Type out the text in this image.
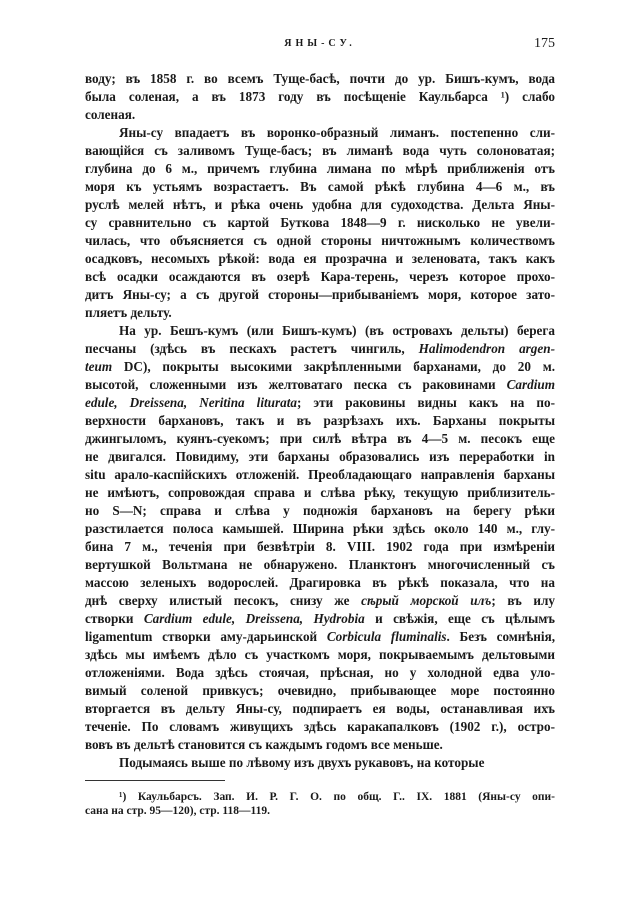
ЯНЫ-СУ.	175
воду; въ 1858 г. во всемъ Туще-басѣ, почти до ур. Бишъ-кумъ, вода
была соленая, а въ 1873 году въ посѣщеніе Каульбарса ¹) слабо
соленая.
Яны-су впадаетъ въ воронко-образный лиманъ. постепенно сли-
вающійся съ заливомъ Туще-басъ; въ лиманѣ вода чуть солоноватая;
глубина до 6 м., причемъ глубина лимана по мѣрѣ приближенія отъ
моря къ устьямъ возрастаетъ. Въ самой рѣкѣ глубина 4—6 м., въ
руслѣ мелей нѣтъ, и рѣка очень удобна для судоходства. Дельта Яны-
су сравнительно съ картой Буткова 1848—9 г. нисколько не увели-
чилась, что объясняется съ одной стороны ничтожнымъ количествомъ
осадковъ, несомыхъ рѣкой: вода ея прозрачна и зеленовата, такъ какъ
всѣ осадки осаждаются въ озерѣ Кара-терень, черезъ которое прохо-
дитъ Яны-су; а съ другой стороны—прибываніемъ моря, которое зато-
пляетъ дельту.
На ур. Бешъ-кумъ (или Бишъ-кумъ) (въ островахъ дельты) берега
песчаны (здѣсь въ пескахъ растетъ чингиль, Halimodendron argen-
teum DC), покрыты высокими закрѣпленными барханами, до 20 м.
высотой, сложенными изъ желтоватаго песка съ раковинами Cardium
edule, Dreissena, Neritina liturata; эти раковины видны какъ на по-
верхности бархановъ, такъ и въ разрѣзахъ ихъ. Барханы покрыты
джингыломъ, куянъ-суекомъ; при силѣ вѣтра въ 4—5 м. песокъ еще
не двигался. Повидиму, эти барханы образовались изъ переработки in
situ арало-каспійскихъ отложеній. Преобладающаго направленія барханы
не имѣютъ, сопровождая справа и слѣва рѣку, текущую приблизитель-
но S—N; справа и слѣва у подножія бархановъ на берегу рѣки
разстилается полоса камышей. Ширина рѣки здѣсь около 140 м., глу-
бина 7 м., теченія при безвѣтріи 8. VIII. 1902 года при измѣреніи
вертушкой Вольтмана не обнаружено. Планктонъ многочисленный съ
массою зеленыхъ водорослей. Драгировка въ рѣкѣ показала, что на
днѣ сверху илистый песокъ, снизу же сѣрый морской илъ; въ илу
створки Cardium edule, Dreissena, Hydrobia и свѣжія, еще съ цѣлымъ
ligamentum створки аму-дарьинской Corbicula fluminalis. Безъ сомнѣнія,
здѣсь мы имѣемъ дѣло съ участкомъ моря, покрываемымъ дельтовыми
отложеніями. Вода здѣсь стоячая, прѣсная, но у холодной едва уло-
вимый соленой привкусъ; очевидно, прибывающее море постоянно
вторгается въ дельту Яны-су, подпираетъ ея воды, останавливая ихъ
теченіе. По словамъ живущихъ здѣсь каракапалковъ (1902 г.), остро-
вовъ въ дельтѣ становится съ каждымъ годомъ все меньше.
Подымаясь выше по лѣвому изъ двухъ рукавовъ, на которые
¹) Каульбарсъ. Зап. И. Р. Г. О. по общ. Г.. IX. 1881 (Яны-су опи-
сана на стр. 95—120), стр. 118—119.
